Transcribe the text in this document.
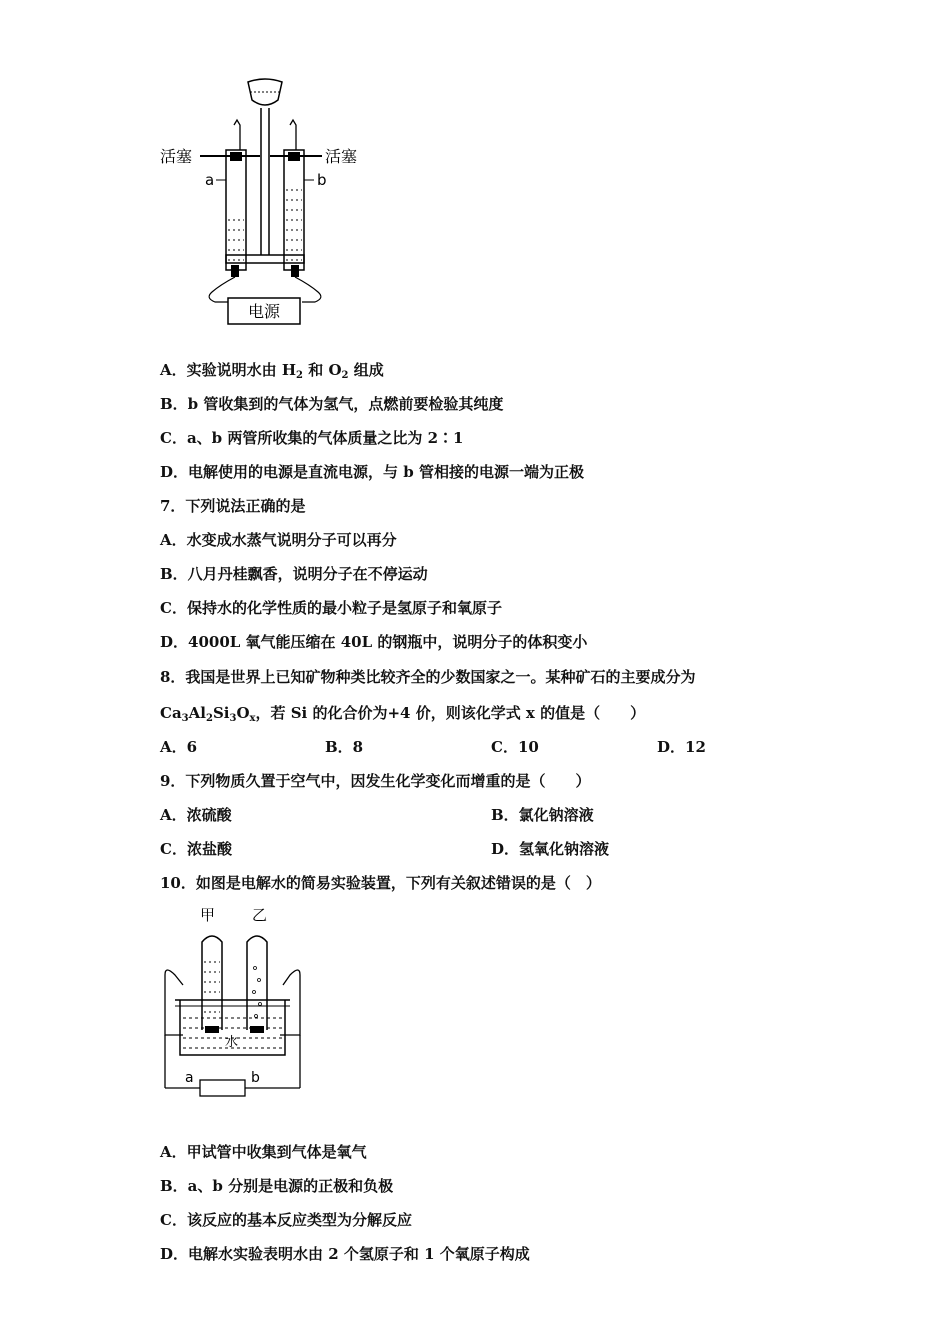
电源
活塞	活塞
a	b
A．实验说明水由 $H_2$ 和 $O_2$ 组成
B．b 管收集到的气体为氢气，点燃前要检验其纯度
C．a、b 两管所收集的气体质量之比为 2∶1
D．电解使用的电源是直流电源，与 b 管相接的电源一端为正极
7．下列说法正确的是
A．水变成水蒸气说明分子可以再分
B．八月丹桂飘香，说明分子在不停运动
C．保持水的化学性质的最小粒子是氢原子和氧原子
D．4000L 氧气能压缩在 40L 的钢瓶中，说明分子的体积变小
8．我国是世界上已知矿物种类比较齐全的少数国家之一。某种矿石的主要成分为
$Ca_3Al_2Si_3O_x$，若 Si 的化合价为+4 价，则该化学式 x 的值是（　　）
A．6	B．8	C．10	D．12
9．下列物质久置于空气中，因发生化学变化而增重的是（　　）
A．浓硫酸	B．氯化钠溶液
C．浓盐酸	D．氢氧化钠溶液
10．如图是电解水的简易实验装置，下列有关叙述错误的是（　）
甲 乙
水
a	b
A．甲试管中收集到气体是氧气
B．a、b 分别是电源的正极和负极
C．该反应的基本反应类型为分解反应
D．电解水实验表明水由 2 个氢原子和 1 个氧原子构成
